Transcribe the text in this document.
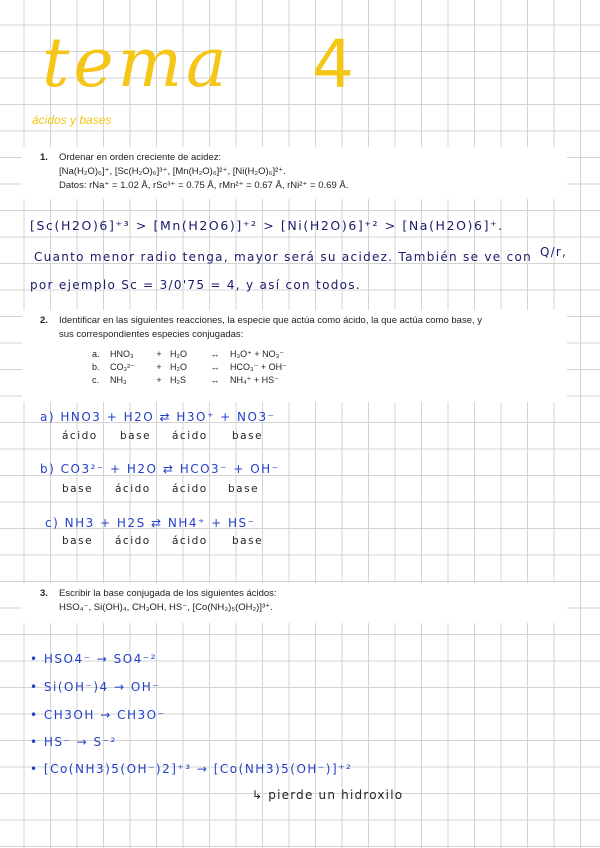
tema 4
ácidos y bases
1. Ordenar en orden creciente de acidez:
[Na(H₂O)₆]⁺, [Sc(H₂O)₆]³⁺, [Mn(H₂O)₆]²⁺, [Ni(H₂O)₆]²⁺.
Datos: rNa⁺ = 1.02 Å, rSc³⁺ = 0.75 Å, rMn²⁺ = 0.67 Å, rNi²⁺ = 0.69 Å.
[Sc(H2O)6]⁺³ > [Mn(H2O6)]⁺² > [Ni(H2O)6]⁺² > [Na(H2O)6]⁺.
Cuanto menor radio tenga, mayor será su acidez. También se ve con Q/r,
por ejemplo Sc = 3/0'75 = 4, y así con todos.
2. Identificar en las siguientes reacciones, la especie que actúa como ácido, la que actúa como base, y
sus correspondientes especies conjugadas:
a.	HNO₃	+ H₂O	↔	H₃O⁺ + NO₃⁻
b.	CO₃²⁻	+ H₂O	↔	HCO₃⁻ + OH⁻
c.	NH₃	+ H₂S	↔	NH₄⁺ + HS⁻
a) HNO3 + H2O ⇄ H3O⁺ + NO3⁻
ácido base ácido base
b) CO3²⁻ + H2O ⇄ HCO3⁻ + OH⁻
base ácido ácido base
c) NH3 + H2S ⇄ NH4⁺ + HS⁻
base ácido ácido base
3. Escribir la base conjugada de los siguientes ácidos:
HSO₄⁻, Si(OH)₄, CH₃OH, HS⁻, [Co(NH₃)₅(OH₂)]³⁺.
• HSO4⁻ → SO4⁻²
• Si(OH⁻)4 → OH⁻
• CH3OH → CH3O⁻
• HS⁻ → S⁻²
• [Co(NH3)5(OH⁻)2]⁺³ → [Co(NH3)5(OH⁻)]⁺²
↳ pierde un hidroxilo
